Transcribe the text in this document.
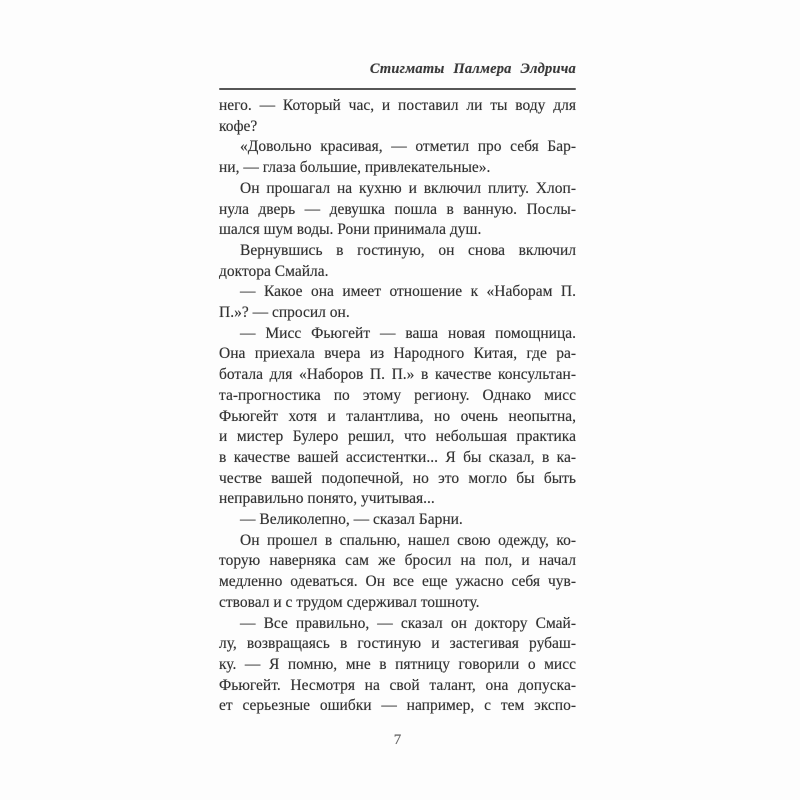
Стигматы Палмера Элдрича
него. — Который час, и поставил ли ты воду для
кофе?
«Довольно красивая, — отметил про себя Бар-
ни, — глаза большие, привлекательные».
Он прошагал на кухню и включил плиту. Хлоп-
нула дверь — девушка пошла в ванную. Послы-
шался шум воды. Рони принимала душ.
Вернувшись в гостиную, он снова включил
доктора Смайла.
— Какое она имеет отношение к «Наборам П.
П.»? — спросил он.
— Мисс Фьюгейт — ваша новая помощница.
Она приехала вчера из Народного Китая, где ра-
ботала для «Наборов П. П.» в качестве консультан-
та-прогностика по этому региону. Однако мисс
Фьюгейт хотя и талантлива, но очень неопытна,
и мистер Булеро решил, что небольшая практика
в качестве вашей ассистентки... Я бы сказал, в ка-
честве вашей подопечной, но это могло бы быть
неправильно понято, учитывая...
— Великолепно, — сказал Барни.
Он прошел в спальню, нашел свою одежду, ко-
торую наверняка сам же бросил на пол, и начал
медленно одеваться. Он все еще ужасно себя чув-
ствовал и с трудом сдерживал тошноту.
— Все правильно, — сказал он доктору Смай-
лу, возвращаясь в гостиную и застегивая рубаш-
ку. — Я помню, мне в пятницу говорили о мисс
Фьюгейт. Несмотря на свой талант, она допуска-
ет серьезные ошибки — например, с тем экспо-
7
